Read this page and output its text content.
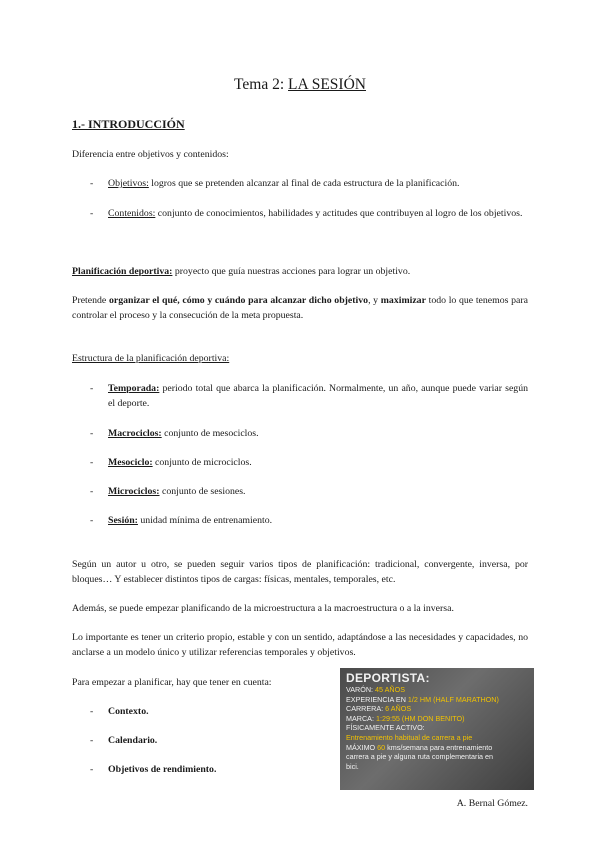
Tema 2: LA SESIÓN
1.- INTRODUCCIÓN
Diferencia entre objetivos y contenidos:
- Objetivos: logros que se pretenden alcanzar al final de cada estructura de la planificación.
- Contenidos: conjunto de conocimientos, habilidades y actitudes que contribuyen al logro de los objetivos.
Planificación deportiva: proyecto que guía nuestras acciones para lograr un objetivo.
Pretende organizar el qué, cómo y cuándo para alcanzar dicho objetivo, y maximizar todo lo que tenemos para controlar el proceso y la consecución de la meta propuesta.
Estructura de la planificación deportiva:
- Temporada: periodo total que abarca la planificación. Normalmente, un año, aunque puede variar según el deporte.
- Macrociclos: conjunto de mesociclos.
- Mesociclo: conjunto de microciclos.
- Microciclos: conjunto de sesiones.
- Sesión: unidad mínima de entrenamiento.
Según un autor u otro, se pueden seguir varios tipos de planificación: tradicional, convergente, inversa, por bloques… Y establecer distintos tipos de cargas: físicas, mentales, temporales, etc.
Además, se puede empezar planificando de la microestructura a la macroestructura o a la inversa.
Lo importante es tener un criterio propio, estable y con un sentido, adaptándose a las necesidades y capacidades, no anclarse a un modelo único y utilizar referencias temporales y objetivos.
Para empezar a planificar, hay que tener en cuenta:
- Contexto.
- Calendario.
- Objetivos de rendimiento.
DEPORTISTA:
VARÓN: 45 AÑOS
EXPERIENCIA EN 1/2 HM (HALF MARATHON)
CARRERA: 6 AÑOS
MARCA: 1:29:55 (HM DON BENITO)
FÍSICAMENTE ACTIVO:
Entrenamiento habitual de carrera a pie
MÁXIMO 60 kms/semana para entrenamiento
carrera a pie y alguna ruta complementaria en
bici.
A. Bernal Gómez.
